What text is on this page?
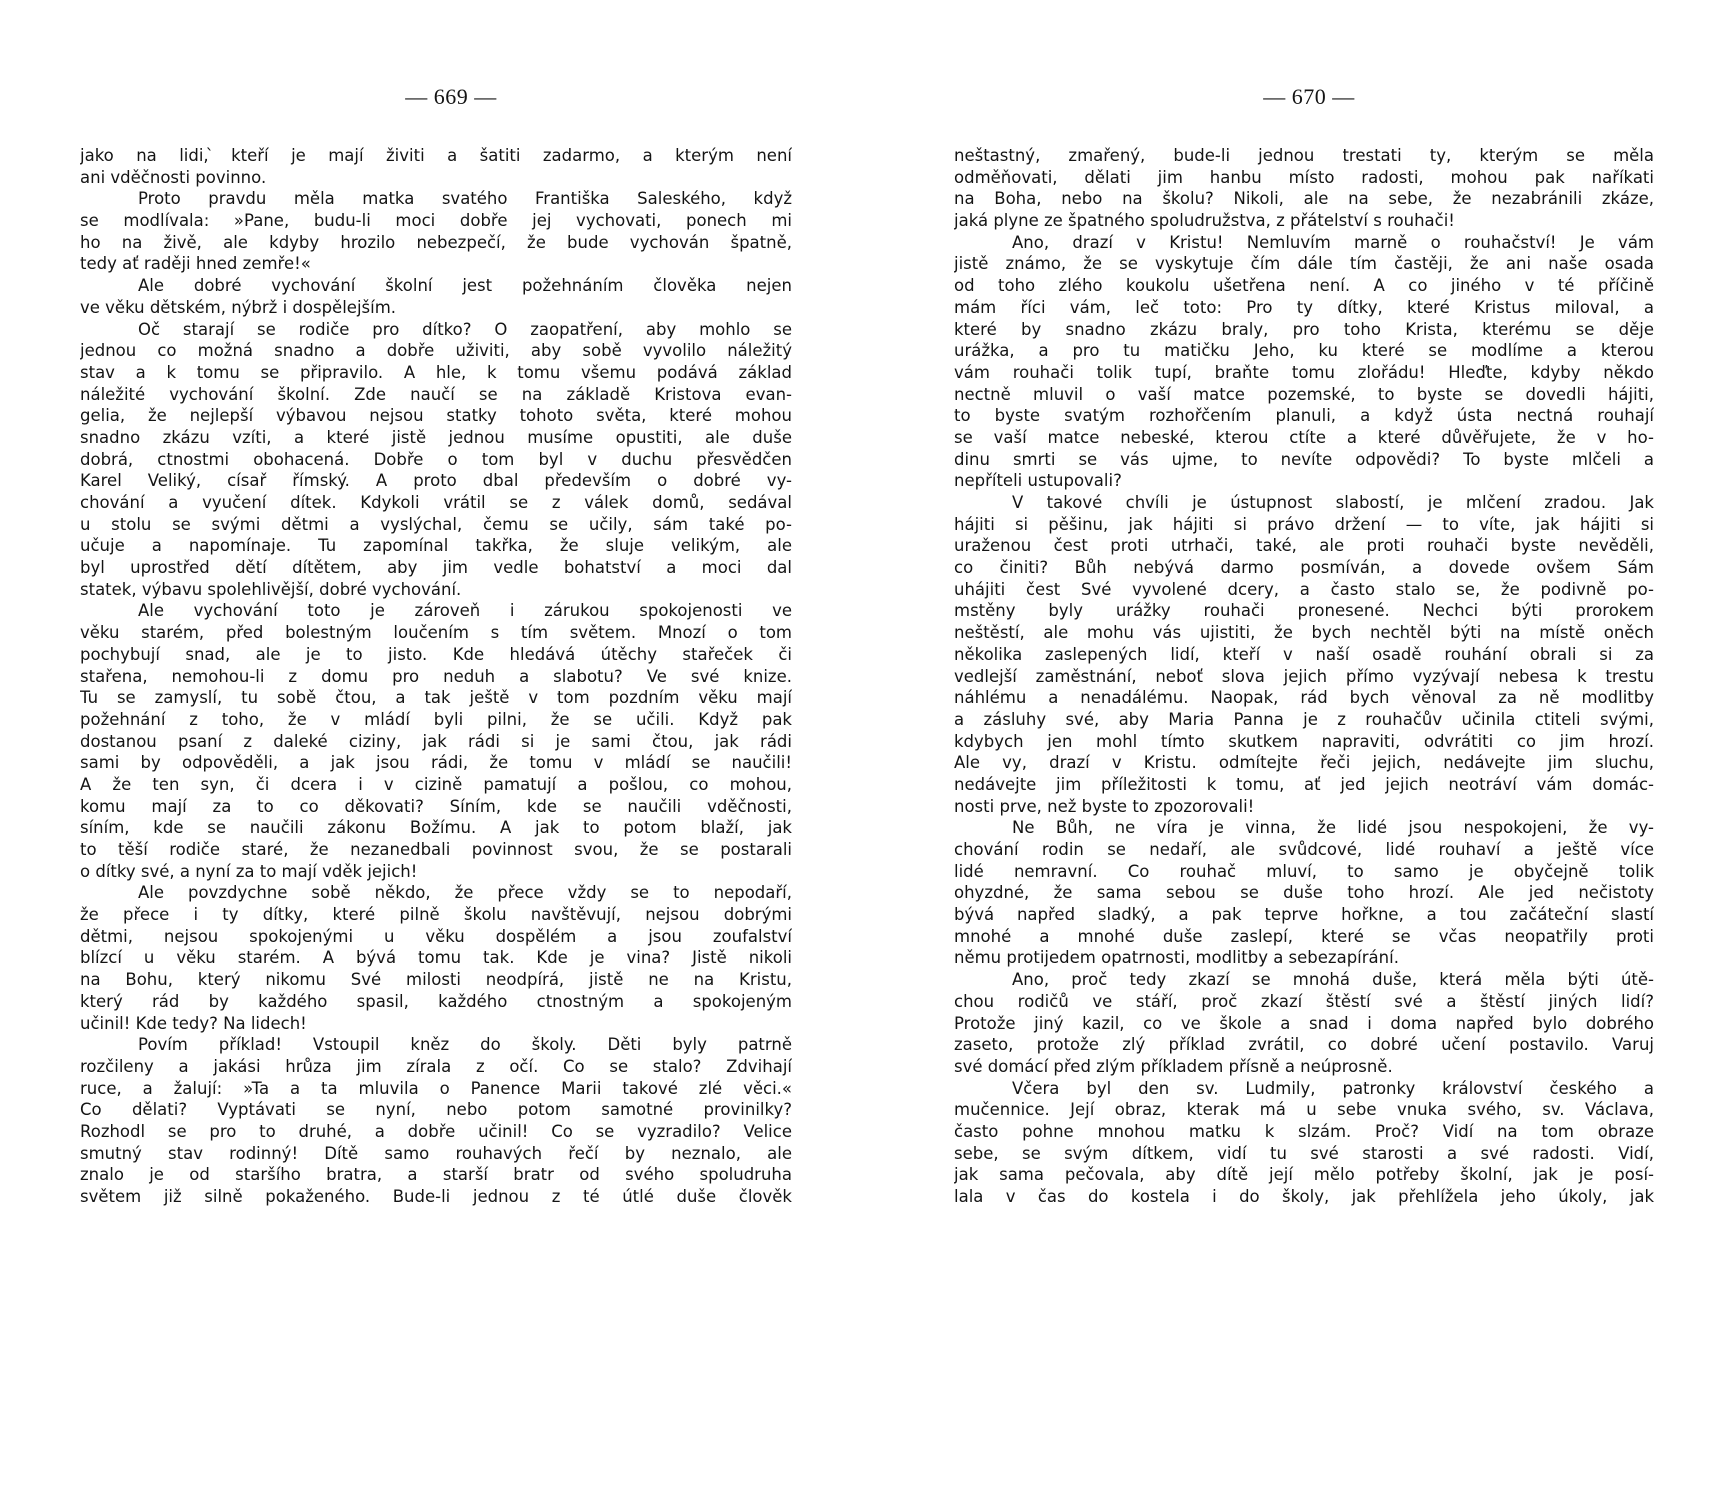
— 669 —
jako na lidi, ̀kteří je mají živiti a šatiti zadarmo, a kterým není
ani vděčnosti povinno.
Proto pravdu měla matka svatého Františka Saleského, když
se modlívala: »Pane, budu-li moci dobře jej vychovati, ponech mi
ho na živě, ale kdyby hrozilo nebezpečí, že bude vychován špatně,
tedy ať raději hned zemře!«
Ale dobré vychování školní jest požehnáním člověka nejen
ve věku dětském, nýbrž i dospělejším.
Oč starají se rodiče pro dítko? O zaopatření, aby mohlo se
jednou co možná snadno a dobře uživiti, aby sobě vyvolilo náležitý
stav a k tomu se připravilo. A hle, k tomu všemu podává základ
náležité vychování školní. Zde naučí se na základě Kristova evan-
gelia, že nejlepší výbavou nejsou statky tohoto světa, které mohou
snadno zkázu vzíti, a které jistě jednou musíme opustiti, ale duše
dobrá, ctnostmi obohacená. Dobře o tom byl v duchu přesvědčen
Karel Veliký, císař římský. A proto dbal především o dobré vy-
chování a vyučení dítek. Kdykoli vrátil se z válek domů, sedával
u stolu se svými dětmi a vyslýchal, čemu se učily, sám také po-
učuje a napomínaje. Tu zapomínal takřka, že sluje velikým, ale
byl uprostřed dětí dítětem, aby jim vedle bohatství a moci dal
statek, výbavu spolehlivější, dobré vychování.
Ale vychování toto je zároveň i zárukou spokojenosti ve
věku starém, před bolestným loučením s tím světem. Mnozí o tom
pochybují snad, ale je to jisto. Kde hledává útěchy stařeček či
stařena, nemohou-li z domu pro neduh a slabotu? Ve své knize.
Tu se zamyslí, tu sobě čtou, a tak ještě v tom pozdním věku mají
požehnání z toho, že v mládí byli pilni, že se učili. Když pak
dostanou psaní z daleké ciziny, jak rádi si je sami čtou, jak rádi
sami by odpověděli, a jak jsou rádi, že tomu v mládí se naučili!
A že ten syn, či dcera i v cizině pamatují a pošlou, co mohou,
komu mají za to co děkovati? Síním, kde se naučili vděčnosti,
síním, kde se naučili zákonu Božímu. A jak to potom blaží, jak
to těší rodiče staré, že nezanedbali povinnost svou, že se postarali
o dítky své, a nyní za to mají vděk jejich!
Ale povzdychne sobě někdo, že přece vždy se to nepodaří,
že přece i ty dítky, které pilně školu navštěvují, nejsou dobrými
dětmi, nejsou spokojenými u věku dospělém a jsou zoufalství
blízcí u věku starém. A bývá tomu tak. Kde je vina? Jistě nikoli
na Bohu, který nikomu Své milosti neodpírá, jistě ne na Kristu,
který rád by každého spasil, každého ctnostným a spokojeným
učinil! Kde tedy? Na lidech!
Povím příklad! Vstoupil kněz do školy. Děti byly patrně
rozčileny a jakási hrůza jim zírala z očí. Co se stalo? Zdvihají
ruce, a žalují: »Ta a ta mluvila o Panence Marii takové zlé věci.«
Co dělati? Vyptávati se nyní, nebo potom samotné provinilky?
Rozhodl se pro to druhé, a dobře učinil! Co se vyzradilo? Velice
smutný stav rodinný! Dítě samo rouhavých řečí by neznalo, ale
znalo je od staršího bratra, a starší bratr od svého spoludruha
světem již silně pokaženého. Bude-li jednou z té útlé duše člověk
— 670 —
neštastný, zmařený, bude-li jednou trestati ty, kterým se měla
odměňovati, dělati jim hanbu místo radosti, mohou pak naříkati
na Boha, nebo na školu? Nikoli, ale na sebe, že nezabránili zkáze,
jaká plyne ze špatného spoludružstva, z přátelství s rouhači!
Ano, drazí v Kristu! Nemluvím marně o rouhačství! Je vám
jistě známo, že se vyskytuje čím dále tím častěji, že ani naše osada
od toho zlého koukolu ušetřena není. A co jiného v té příčině
mám říci vám, leč toto: Pro ty dítky, které Kristus miloval, a
které by snadno zkázu braly, pro toho Krista, kterému se děje
urážka, a pro tu matičku Jeho, ku které se modlíme a kterou
vám rouhači tolik tupí, braňte tomu zlořádu! Hleďte, kdyby někdo
nectně mluvil o vaší matce pozemské, to byste se dovedli hájiti,
to byste svatým rozhořčením planuli, a když ústa nectná rouhají
se vaší matce nebeské, kterou ctíte a které důvěřujete, že v ho-
dinu smrti se vás ujme, to nevíte odpovědi? To byste mlčeli a
nepříteli ustupovali?
V takové chvíli je ústupnost slabostí, je mlčení zradou. Jak
hájiti si pěšinu, jak hájiti si právo držení — to víte, jak hájiti si
uraženou čest proti utrhači, také, ale proti rouhači byste nevěděli,
co činiti? Bůh nebývá darmo posmíván, a dovede ovšem Sám
uhájiti čest Své vyvolené dcery, a často stalo se, že podivně po-
mstěny byly urážky rouhači pronesené. Nechci býti prorokem
neštěstí, ale mohu vás ujistiti, že bych nechtěl býti na místě oněch
několika zaslepených lidí, kteří v naší osadě rouhání obrali si za
vedlejší zaměstnání, neboť slova jejich přímo vyzývají nebesa k trestu
náhlému a nenadálému. Naopak, rád bych věnoval za ně modlitby
a zásluhy své, aby Maria Panna je z rouhačův učinila ctiteli svými,
kdybych jen mohl tímto skutkem napraviti, odvrátiti co jim hrozí.
Ale vy, drazí v Kristu. odmítejte řeči jejich, nedávejte jim sluchu,
nedávejte jim příležitosti k tomu, ať jed jejich neotráví vám domác-
nosti prve, než byste to zpozorovali!
Ne Bůh, ne víra je vinna, že lidé jsou nespokojeni, že vy-
chování rodin se nedaří, ale svůdcové, lidé rouhaví a ještě více
lidé nemravní. Co rouhač mluví, to samo je obyčejně tolik
ohyzdné, že sama sebou se duše toho hrozí. Ale jed nečistoty
bývá napřed sladký, a pak teprve hořkne, a tou začáteční slastí
mnohé a mnohé duše zaslepí, které se včas neopatřily proti
němu protijedem opatrnosti, modlitby a sebezapírání.
Ano, proč tedy zkazí se mnohá duše, která měla býti útě-
chou rodičů ve stáří, proč zkazí štěstí své a štěstí jiných lidí?
Protože jiný kazil, co ve škole a snad i doma napřed bylo dobrého
zaseto, protože zlý příklad zvrátil, co dobré učení postavilo. Varuj
své domácí před zlým příkladem přísně a neúprosně.
Včera byl den sv. Ludmily, patronky království českého a
mučennice. Její obraz, kterak má u sebe vnuka svého, sv. Václava,
často pohne mnohou matku k slzám. Proč? Vidí na tom obraze
sebe, se svým dítkem, vidí tu své starosti a své radosti. Vidí,
jak sama pečovala, aby dítě její mělo potřeby školní, jak je posí-
lala v čas do kostela i do školy, jak přehlížela jeho úkoly, jak
